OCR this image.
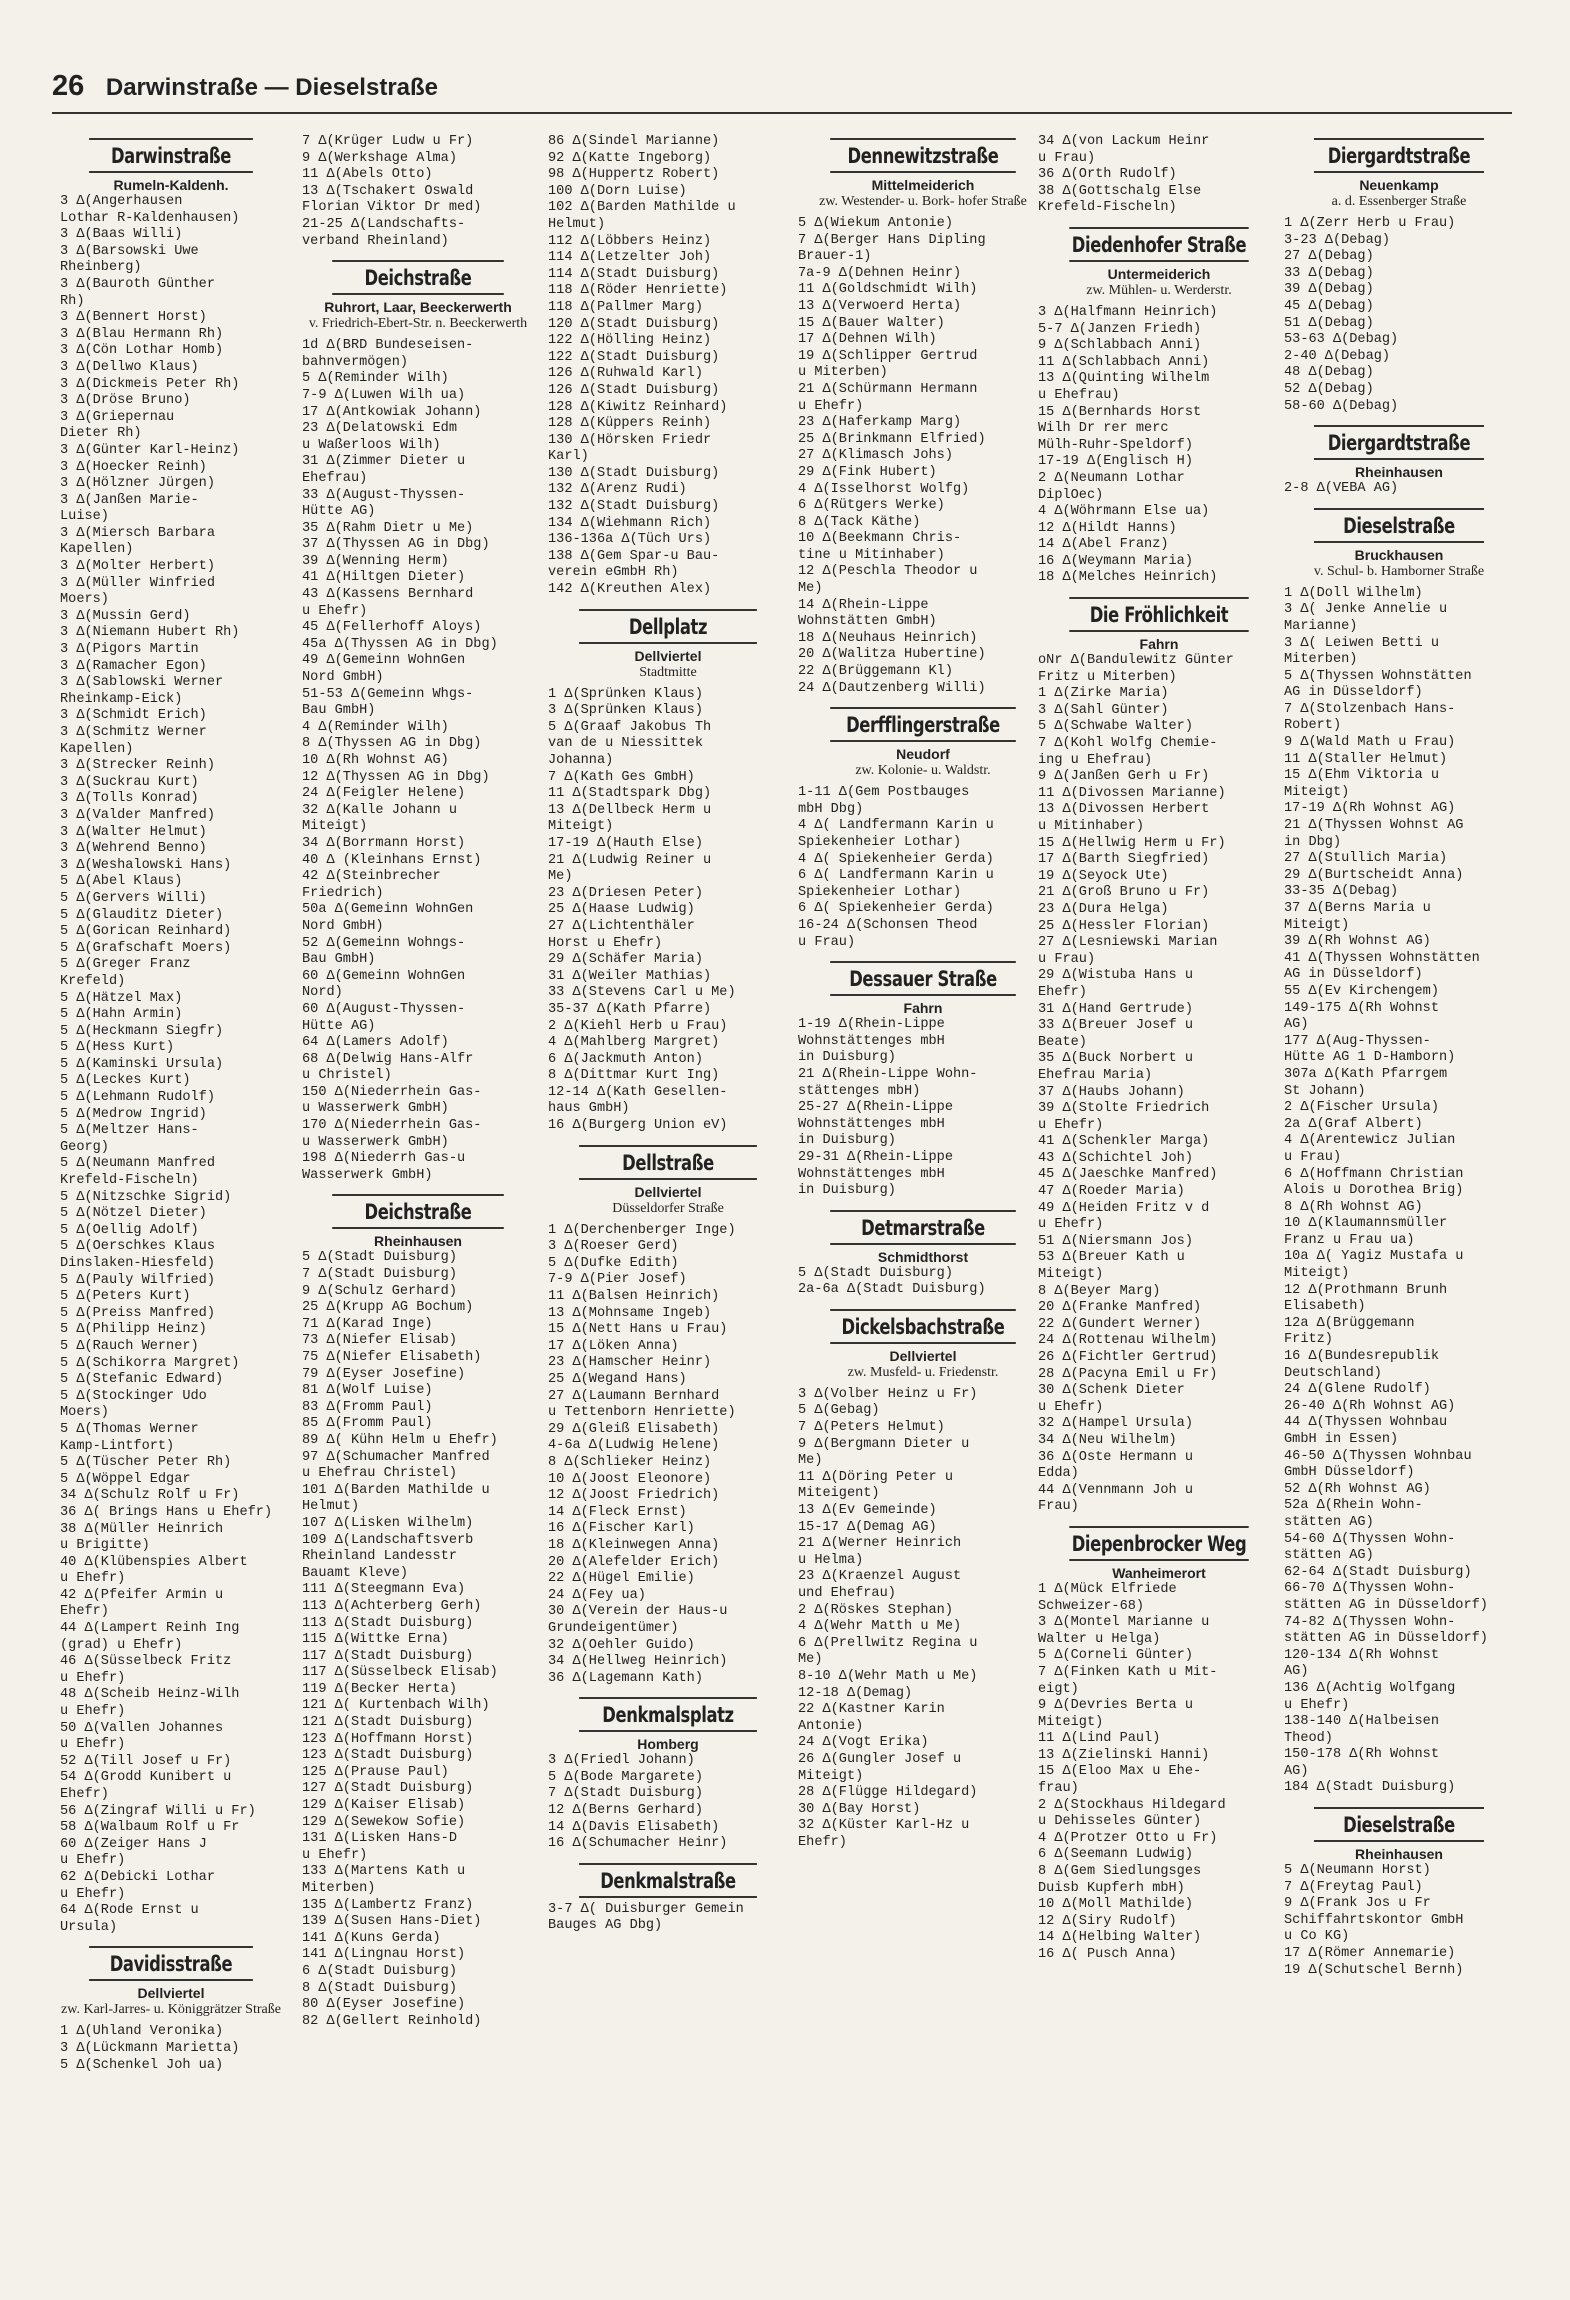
26 Darwinstraße — Dieselstraße
Darwinstraße
Rumeln-Kaldenh.
3 Δ(Angerhausen
Lothar R-Kaldenhausen)
3 Δ(Baas Willi)
3 Δ(Barsowski Uwe
Rheinberg)
3 Δ(Bauroth Günther
Rh)
3 Δ(Bennert Horst)
3 Δ(Blau Hermann Rh)
3 Δ(Cön Lothar Homb)
3 Δ(Dellwo Klaus)
3 Δ(Dickmeis Peter Rh)
3 Δ(Dröse Bruno)
3 Δ(Griepernau
Dieter Rh)
3 Δ(Günter Karl-Heinz)
3 Δ(Hoecker Reinh)
3 Δ(Hölzner Jürgen)
3 Δ(Janßen Marie-
Luise)
3 Δ(Miersch Barbara
Kapellen)
3 Δ(Molter Herbert)
3 Δ(Müller Winfried
Moers)
3 Δ(Mussin Gerd)
3 Δ(Niemann Hubert Rh)
3 Δ(Pigors Martin
3 Δ(Ramacher Egon)
3 Δ(Sablowski Werner
Rheinkamp-Eick)
3 Δ(Schmidt Erich)
3 Δ(Schmitz Werner
Kapellen)
3 Δ(Strecker Reinh)
3 Δ(Suckrau Kurt)
3 Δ(Tolls Konrad)
3 Δ(Valder Manfred)
3 Δ(Walter Helmut)
3 Δ(Wehrend Benno)
3 Δ(Weshalowski Hans)
5 Δ(Abel Klaus)
5 Δ(Gervers Willi)
5 Δ(Glauditz Dieter)
5 Δ(Gorican Reinhard)
5 Δ(Grafschaft Moers)
5 Δ(Greger Franz
Krefeld)
5 Δ(Hätzel Max)
5 Δ(Hahn Armin)
5 Δ(Heckmann Siegfr)
5 Δ(Hess Kurt)
5 Δ(Kaminski Ursula)
5 Δ(Leckes Kurt)
5 Δ(Lehmann Rudolf)
5 Δ(Medrow Ingrid)
5 Δ(Meltzer Hans-
Georg)
5 Δ(Neumann Manfred
Krefeld-Fischeln)
5 Δ(Nitzschke Sigrid)
5 Δ(Nötzel Dieter)
5 Δ(Oellig Adolf)
5 Δ(Oerschkes Klaus
Dinslaken-Hiesfeld)
5 Δ(Pauly Wilfried)
5 Δ(Peters Kurt)
5 Δ(Preiss Manfred)
5 Δ(Philipp Heinz)
5 Δ(Rauch Werner)
5 Δ(Schikorra Margret)
5 Δ(Stefanic Edward)
5 Δ(Stockinger Udo
Moers)
5 Δ(Thomas Werner
Kamp-Lintfort)
5 Δ(Tüscher Peter Rh)
5 Δ(Wöppel Edgar
34 Δ(Schulz Rolf u Fr)
36 Δ( Brings Hans u Ehefr)
38 Δ(Müller Heinrich
u Brigitte)
40 Δ(Klübenspies Albert
u Ehefr)
42 Δ(Pfeifer Armin u
Ehefr)
44 Δ(Lampert Reinh Ing
(grad) u Ehefr)
46 Δ(Süsselbeck Fritz
u Ehefr)
48 Δ(Scheib Heinz-Wilh
u Ehefr)
50 Δ(Vallen Johannes
u Ehefr)
52 Δ(Till Josef u Fr)
54 Δ(Grodd Kunibert u
Ehefr)
56 Δ(Zingraf Willi u Fr)
58 Δ(Walbaum Rolf u Fr
60 Δ(Zeiger Hans J
u Ehefr)
62 Δ(Debicki Lothar
u Ehefr)
64 Δ(Rode Ernst u
Ursula)
Davidisstraße
Dellviertel
zw. Karl-Jarres- u. Königgrätzer Straße
1 Δ(Uhland Veronika)
3 Δ(Lückmann Marietta)
5 Δ(Schenkel Joh ua)
7 Δ(Krüger Ludw u Fr)
9 Δ(Werkshage Alma)
11 Δ(Abels Otto)
13 Δ(Tschakert Oswald
Florian Viktor Dr med)
21-25 Δ(Landschafts-
verband Rheinland)
Deichstraße
Ruhrort, Laar, Beeckerwerth
v. Friedrich-Ebert-Str. n. Beeckerwerth
1d Δ(BRD Bundeseisen-
bahnvermögen)
5 Δ(Reminder Wilh)
7-9 Δ(Luwen Wilh ua)
17 Δ(Antkowiak Johann)
23 Δ(Delatowski Edm
u Waßerloos Wilh)
31 Δ(Zimmer Dieter u
Ehefrau)
33 Δ(August-Thyssen-
Hütte AG)
35 Δ(Rahm Dietr u Me)
37 Δ(Thyssen AG in Dbg)
39 Δ(Wenning Herm)
41 Δ(Hiltgen Dieter)
43 Δ(Kassens Bernhard
u Ehefr)
45 Δ(Fellerhoff Aloys)
45a Δ(Thyssen AG in Dbg)
49 Δ(Gemeinn WohnGen
Nord GmbH)
51-53 Δ(Gemeinn Whgs-
Bau GmbH)
4 Δ(Reminder Wilh)
8 Δ(Thyssen AG in Dbg)
10 Δ(Rh Wohnst AG)
12 Δ(Thyssen AG in Dbg)
24 Δ(Feigler Helene)
32 Δ(Kalle Johann u
Miteigt)
34 Δ(Borrmann Horst)
40 Δ (Kleinhans Ernst)
42 Δ(Steinbrecher
Friedrich)
50a Δ(Gemeinn WohnGen
Nord GmbH)
52 Δ(Gemeinn Wohngs-
Bau GmbH)
60 Δ(Gemeinn WohnGen
Nord)
60 Δ(August-Thyssen-
Hütte AG)
64 Δ(Lamers Adolf)
68 Δ(Delwig Hans-Alfr
u Christel)
150 Δ(Niederrhein Gas-
u Wasserwerk GmbH)
170 Δ(Niederrhein Gas-
u Wasserwerk GmbH)
198 Δ(Niederrh Gas-u
Wasserwerk GmbH)
Deichstraße
Rheinhausen
5 Δ(Stadt Duisburg)
7 Δ(Stadt Duisburg)
9 Δ(Schulz Gerhard)
25 Δ(Krupp AG Bochum)
71 Δ(Karad Inge)
73 Δ(Niefer Elisab)
75 Δ(Niefer Elisabeth)
79 Δ(Eyser Josefine)
81 Δ(Wolf Luise)
83 Δ(Fromm Paul)
85 Δ(Fromm Paul)
89 Δ( Kühn Helm u Ehefr)
97 Δ(Schumacher Manfred
u Ehefrau Christel)
101 Δ(Barden Mathilde u
Helmut)
107 Δ(Lisken Wilhelm)
109 Δ(Landschaftsverb
Rheinland Landesstr
Bauamt Kleve)
111 Δ(Steegmann Eva)
113 Δ(Achterberg Gerh)
113 Δ(Stadt Duisburg)
115 Δ(Wittke Erna)
117 Δ(Stadt Duisburg)
117 Δ(Süsselbeck Elisab)
119 Δ(Becker Herta)
121 Δ( Kurtenbach Wilh)
121 Δ(Stadt Duisburg)
123 Δ(Hoffmann Horst)
123 Δ(Stadt Duisburg)
125 Δ(Prause Paul)
127 Δ(Stadt Duisburg)
129 Δ(Kaiser Elisab)
129 Δ(Sewekow Sofie)
131 Δ(Lisken Hans-D
u Ehefr)
133 Δ(Martens Kath u
Miterben)
135 Δ(Lambertz Franz)
139 Δ(Susen Hans-Diet)
141 Δ(Kuns Gerda)
141 Δ(Lingnau Horst)
6 Δ(Stadt Duisburg)
8 Δ(Stadt Duisburg)
80 Δ(Eyser Josefine)
82 Δ(Gellert Reinhold)
86 Δ(Sindel Marianne)
92 Δ(Katte Ingeborg)
98 Δ(Huppertz Robert)
100 Δ(Dorn Luise)
102 Δ(Barden Mathilde u
Helmut)
112 Δ(Löbbers Heinz)
114 Δ(Letzelter Joh)
114 Δ(Stadt Duisburg)
118 Δ(Röder Henriette)
118 Δ(Pallmer Marg)
120 Δ(Stadt Duisburg)
122 Δ(Hölling Heinz)
122 Δ(Stadt Duisburg)
126 Δ(Ruhwald Karl)
126 Δ(Stadt Duisburg)
128 Δ(Kiwitz Reinhard)
128 Δ(Küppers Reinh)
130 Δ(Hörsken Friedr
Karl)
130 Δ(Stadt Duisburg)
132 Δ(Arenz Rudi)
132 Δ(Stadt Duisburg)
134 Δ(Wiehmann Rich)
136-136a Δ(Tüch Urs)
138 Δ(Gem Spar-u Bau-
verein eGmbH Rh)
142 Δ(Kreuthen Alex)
Dellplatz
Dellviertel
Stadtmitte
1 Δ(Sprünken Klaus)
3 Δ(Sprünken Klaus)
5 Δ(Graaf Jakobus Th
van de u Niessittek
Johanna)
7 Δ(Kath Ges GmbH)
11 Δ(Stadtspark Dbg)
13 Δ(Dellbeck Herm u
Miteigt)
17-19 Δ(Hauth Else)
21 Δ(Ludwig Reiner u
Me)
23 Δ(Driesen Peter)
25 Δ(Haase Ludwig)
27 Δ(Lichtenthäler
Horst u Ehefr)
29 Δ(Schäfer Maria)
31 Δ(Weiler Mathias)
33 Δ(Stevens Carl u Me)
35-37 Δ(Kath Pfarre)
2 Δ(Kiehl Herb u Frau)
4 Δ(Mahlberg Margret)
6 Δ(Jackmuth Anton)
8 Δ(Dittmar Kurt Ing)
12-14 Δ(Kath Gesellen-
haus GmbH)
16 Δ(Burgerg Union eV)
Dellstraße
Dellviertel
Düsseldorfer Straße
1 Δ(Derchenberger Inge)
3 Δ(Roeser Gerd)
5 Δ(Dufke Edith)
7-9 Δ(Pier Josef)
11 Δ(Balsen Heinrich)
13 Δ(Mohnsame Ingeb)
15 Δ(Nett Hans u Frau)
17 Δ(Löken Anna)
23 Δ(Hamscher Heinr)
25 Δ(Wegand Hans)
27 Δ(Laumann Bernhard
u Tettenborn Henriette)
29 Δ(Gleiß Elisabeth)
4-6a Δ(Ludwig Helene)
8 Δ(Schlieker Heinz)
10 Δ(Joost Eleonore)
12 Δ(Joost Friedrich)
14 Δ(Fleck Ernst)
16 Δ(Fischer Karl)
18 Δ(Kleinwegen Anna)
20 Δ(Alefelder Erich)
22 Δ(Hügel Emilie)
24 Δ(Fey ua)
30 Δ(Verein der Haus-u
Grundeigentümer)
32 Δ(Oehler Guido)
34 Δ(Hellweg Heinrich)
36 Δ(Lagemann Kath)
Denkmalsplatz
Homberg
3 Δ(Friedl Johann)
5 Δ(Bode Margarete)
7 Δ(Stadt Duisburg)
12 Δ(Berns Gerhard)
14 Δ(Davis Elisabeth)
16 Δ(Schumacher Heinr)
Denkmalstraße
3-7 Δ( Duisburger Gemein
Bauges AG Dbg)
Dennewitzstraße
Mittelmeiderich
zw. Westender- u. Bork- hofer Straße
5 Δ(Wiekum Antonie)
7 Δ(Berger Hans Dipling
Brauer-1)
7a-9 Δ(Dehnen Heinr)
11 Δ(Goldschmidt Wilh)
13 Δ(Verwoerd Herta)
15 Δ(Bauer Walter)
17 Δ(Dehnen Wilh)
19 Δ(Schlipper Gertrud
u Miterben)
21 Δ(Schürmann Hermann
u Ehefr)
23 Δ(Haferkamp Marg)
25 Δ(Brinkmann Elfried)
27 Δ(Klimasch Johs)
29 Δ(Fink Hubert)
4 Δ(Isselhorst Wolfg)
6 Δ(Rütgers Werke)
8 Δ(Tack Käthe)
10 Δ(Beekmann Chris-
tine u Mitinhaber)
12 Δ(Peschla Theodor u
Me)
14 Δ(Rhein-Lippe
Wohnstätten GmbH)
18 Δ(Neuhaus Heinrich)
20 Δ(Walitza Hubertine)
22 Δ(Brüggemann Kl)
24 Δ(Dautzenberg Willi)
Derfflingerstraße
Neudorf
zw. Kolonie- u. Waldstr.
1-11 Δ(Gem Postbauges
mbH Dbg)
4 Δ( Landfermann Karin u
Spiekenheier Lothar)
4 Δ( Spiekenheier Gerda)
6 Δ( Landfermann Karin u
Spiekenheier Lothar)
6 Δ( Spiekenheier Gerda)
16-24 Δ(Schonsen Theod
u Frau)
Dessauer Straße
Fahrn
1-19 Δ(Rhein-Lippe
Wohnstättenges mbH
in Duisburg)
21 Δ(Rhein-Lippe Wohn-
stättenges mbH)
25-27 Δ(Rhein-Lippe
Wohnstättenges mbH
in Duisburg)
29-31 Δ(Rhein-Lippe
Wohnstättenges mbH
in Duisburg)
Detmarstraße
Schmidthorst
5 Δ(Stadt Duisburg)
2a-6a Δ(Stadt Duisburg)
Dickelsbachstraße
Dellviertel
zw. Musfeld- u. Friedenstr.
3 Δ(Volber Heinz u Fr)
5 Δ(Gebag)
7 Δ(Peters Helmut)
9 Δ(Bergmann Dieter u
Me)
11 Δ(Döring Peter u
Miteigent)
13 Δ(Ev Gemeinde)
15-17 Δ(Demag AG)
21 Δ(Werner Heinrich
u Helma)
23 Δ(Kraenzel August
und Ehefrau)
2 Δ(Röskes Stephan)
4 Δ(Wehr Matth u Me)
6 Δ(Prellwitz Regina u
Me)
8-10 Δ(Wehr Math u Me)
12-18 Δ(Demag)
22 Δ(Kastner Karin
Antonie)
24 Δ(Vogt Erika)
26 Δ(Gungler Josef u
Miteigt)
28 Δ(Flügge Hildegard)
30 Δ(Bay Horst)
32 Δ(Küster Karl-Hz u
Ehefr)
34 Δ(von Lackum Heinr
u Frau)
36 Δ(Orth Rudolf)
38 Δ(Gottschalg Else
Krefeld-Fischeln)
Diedenhofer Straße
Untermeiderich
zw. Mühlen- u. Werderstr.
3 Δ(Halfmann Heinrich)
5-7 Δ(Janzen Friedh)
9 Δ(Schlabbach Anni)
11 Δ(Schlabbach Anni)
13 Δ(Quinting Wilhelm
u Ehefrau)
15 Δ(Bernhards Horst
Wilh Dr rer merc
Mülh-Ruhr-Speldorf)
17-19 Δ(Englisch H)
2 Δ(Neumann Lothar
DiplOec)
4 Δ(Wöhrmann Else ua)
12 Δ(Hildt Hanns)
14 Δ(Abel Franz)
16 Δ(Weymann Maria)
18 Δ(Melches Heinrich)
Die Fröhlichkeit
Fahrn
oNr Δ(Bandulewitz Günter
Fritz u Miterben)
1 Δ(Zirke Maria)
3 Δ(Sahl Günter)
5 Δ(Schwabe Walter)
7 Δ(Kohl Wolfg Chemie-
ing u Ehefrau)
9 Δ(Janßen Gerh u Fr)
11 Δ(Divossen Marianne)
13 Δ(Divossen Herbert
u Mitinhaber)
15 Δ(Hellwig Herm u Fr)
17 Δ(Barth Siegfried)
19 Δ(Seyock Ute)
21 Δ(Groß Bruno u Fr)
23 Δ(Dura Helga)
25 Δ(Hessler Florian)
27 Δ(Lesniewski Marian
u Frau)
29 Δ(Wistuba Hans u
Ehefr)
31 Δ(Hand Gertrude)
33 Δ(Breuer Josef u
Beate)
35 Δ(Buck Norbert u
Ehefrau Maria)
37 Δ(Haubs Johann)
39 Δ(Stolte Friedrich
u Ehefr)
41 Δ(Schenkler Marga)
43 Δ(Schichtel Joh)
45 Δ(Jaeschke Manfred)
47 Δ(Roeder Maria)
49 Δ(Heiden Fritz v d
u Ehefr)
51 Δ(Niersmann Jos)
53 Δ(Breuer Kath u
Miteigt)
8 Δ(Beyer Marg)
20 Δ(Franke Manfred)
22 Δ(Gundert Werner)
24 Δ(Rottenau Wilhelm)
26 Δ(Fichtler Gertrud)
28 Δ(Pacyna Emil u Fr)
30 Δ(Schenk Dieter
u Ehefr)
32 Δ(Hampel Ursula)
34 Δ(Neu Wilhelm)
36 Δ(Oste Hermann u
Edda)
44 Δ(Vennmann Joh u
Frau)
Diepenbrocker Weg
Wanheimerort
1 Δ(Mück Elfriede
Schweizer-68)
3 Δ(Montel Marianne u
Walter u Helga)
5 Δ(Corneli Günter)
7 Δ(Finken Kath u Mit-
eigt)
9 Δ(Devries Berta u
Miteigt)
11 Δ(Lind Paul)
13 Δ(Zielinski Hanni)
15 Δ(Eloo Max u Ehe-
frau)
2 Δ(Stockhaus Hildegard
u Dehisseles Günter)
4 Δ(Protzer Otto u Fr)
6 Δ(Seemann Ludwig)
8 Δ(Gem Siedlungsges
Duisb Kupferh mbH)
10 Δ(Moll Mathilde)
12 Δ(Siry Rudolf)
14 Δ(Helbing Walter)
16 Δ( Pusch Anna)
Diergardtstraße
Neuenkamp
a. d. Essenberger Straße
1 Δ(Zerr Herb u Frau)
3-23 Δ(Debag)
27 Δ(Debag)
33 Δ(Debag)
39 Δ(Debag)
45 Δ(Debag)
51 Δ(Debag)
53-63 Δ(Debag)
2-40 Δ(Debag)
48 Δ(Debag)
52 Δ(Debag)
58-60 Δ(Debag)
Diergardtstraße
Rheinhausen
2-8 Δ(VEBA AG)
Dieselstraße
Bruckhausen
v. Schul- b. Hamborner Straße
1 Δ(Doll Wilhelm)
3 Δ( Jenke Annelie u
Marianne)
3 Δ( Leiwen Betti u
Miterben)
5 Δ(Thyssen Wohnstätten
AG in Düsseldorf)
7 Δ(Stolzenbach Hans-
Robert)
9 Δ(Wald Math u Frau)
11 Δ(Staller Helmut)
15 Δ(Ehm Viktoria u
Miteigt)
17-19 Δ(Rh Wohnst AG)
21 Δ(Thyssen Wohnst AG
in Dbg)
27 Δ(Stullich Maria)
29 Δ(Burtscheidt Anna)
33-35 Δ(Debag)
37 Δ(Berns Maria u
Miteigt)
39 Δ(Rh Wohnst AG)
41 Δ(Thyssen Wohnstätten
AG in Düsseldorf)
55 Δ(Ev Kirchengem)
149-175 Δ(Rh Wohnst
AG)
177 Δ(Aug-Thyssen-
Hütte AG 1 D-Hamborn)
307a Δ(Kath Pfarrgem
St Johann)
2 Δ(Fischer Ursula)
2a Δ(Graf Albert)
4 Δ(Arentewicz Julian
u Frau)
6 Δ(Hoffmann Christian
Alois u Dorothea Brig)
8 Δ(Rh Wohnst AG)
10 Δ(Klaumannsmüller
Franz u Frau ua)
10a Δ( Yagiz Mustafa u
Miteigt)
12 Δ(Prothmann Brunh
Elisabeth)
12a Δ(Brüggemann
Fritz)
16 Δ(Bundesrepublik
Deutschland)
24 Δ(Glene Rudolf)
26-40 Δ(Rh Wohnst AG)
44 Δ(Thyssen Wohnbau
GmbH in Essen)
46-50 Δ(Thyssen Wohnbau
GmbH Düsseldorf)
52 Δ(Rh Wohnst AG)
52a Δ(Rhein Wohn-
stätten AG)
54-60 Δ(Thyssen Wohn-
stätten AG)
62-64 Δ(Stadt Duisburg)
66-70 Δ(Thyssen Wohn-
stätten AG in Düsseldorf)
74-82 Δ(Thyssen Wohn-
stätten AG in Düsseldorf)
120-134 Δ(Rh Wohnst
AG)
136 Δ(Achtig Wolfgang
u Ehefr)
138-140 Δ(Halbeisen
Theod)
150-178 Δ(Rh Wohnst
AG)
184 Δ(Stadt Duisburg)
Dieselstraße
Rheinhausen
5 Δ(Neumann Horst)
7 Δ(Freytag Paul)
9 Δ(Frank Jos u Fr
Schiffahrtskontor GmbH
u Co KG)
17 Δ(Römer Annemarie)
19 Δ(Schutschel Bernh)
